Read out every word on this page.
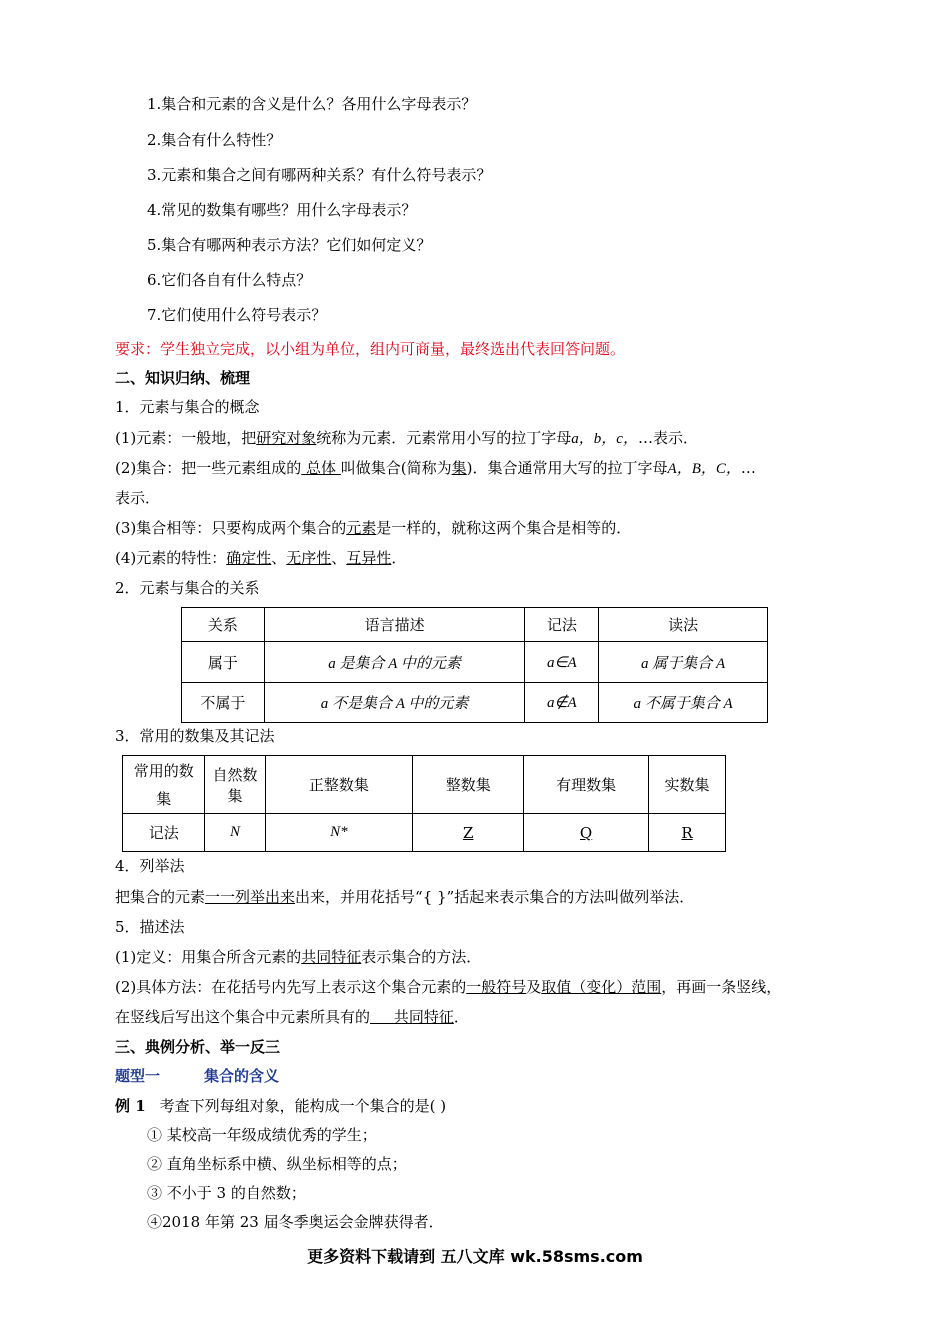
1.集合和元素的含义是什么？各用什么字母表示？
2.集合有什么特性？
3.元素和集合之间有哪两种关系？有什么符号表示？
4.常见的数集有哪些？用什么字母表示？
5.集合有哪两种表示方法？它们如何定义？
6.它们各自有什么特点？
7.它们使用什么符号表示？
要求：学生独立完成，以小组为单位，组内可商量，最终选出代表回答问题。
二、知识归纳、梳理
1．元素与集合的概念
(1)元素：一般地，把研究对象统称为元素．元素常用小写的拉丁字母a，b，c，…表示．
(2)集合：把一些元素组成的 总体 叫做集合(简称为集)．集合通常用大写的拉丁字母A，B，C，…
表示．
(3)集合相等：只要构成两个集合的元素是一样的，就称这两个集合是相等的．
(4)元素的特性：确定性、无序性、互异性．
2．元素与集合的关系
关系	语言描述	记法	读法
属于	a 是集合 A 中的元素	a∈A	a 属于集合 A
不属于	a 不是集合 A 中的元素	a∉A	a 不属于集合 A
3．常用的数集及其记法
常用的数集	自然数集	正整数集	整数集	有理数集	实数集
记法	N	N*	Z	Q	R
4．列举法
把集合的元素一一列举出来出来，并用花括号“{ }”括起来表示集合的方法叫做列举法．
5．描述法
(1)定义：用集合所含元素的共同特征表示集合的方法．
(2)具体方法：在花括号内先写上表示这个集合元素的一般符号及取值（变化）范围，再画一条竖线，
在竖线后写出这个集合中元素所具有的     共同特征．
三、典例分析、举一反三
题型一	集合的含义
例 1 考查下列每组对象，能构成一个集合的是( )
① 某校高一年级成绩优秀的学生；
② 直角坐标系中横、纵坐标相等的点；
③ 不小于 3 的自然数；
④2018 年第 23 届冬季奥运会金牌获得者．
更多资料下载请到 五八文库 wk.58sms.com
